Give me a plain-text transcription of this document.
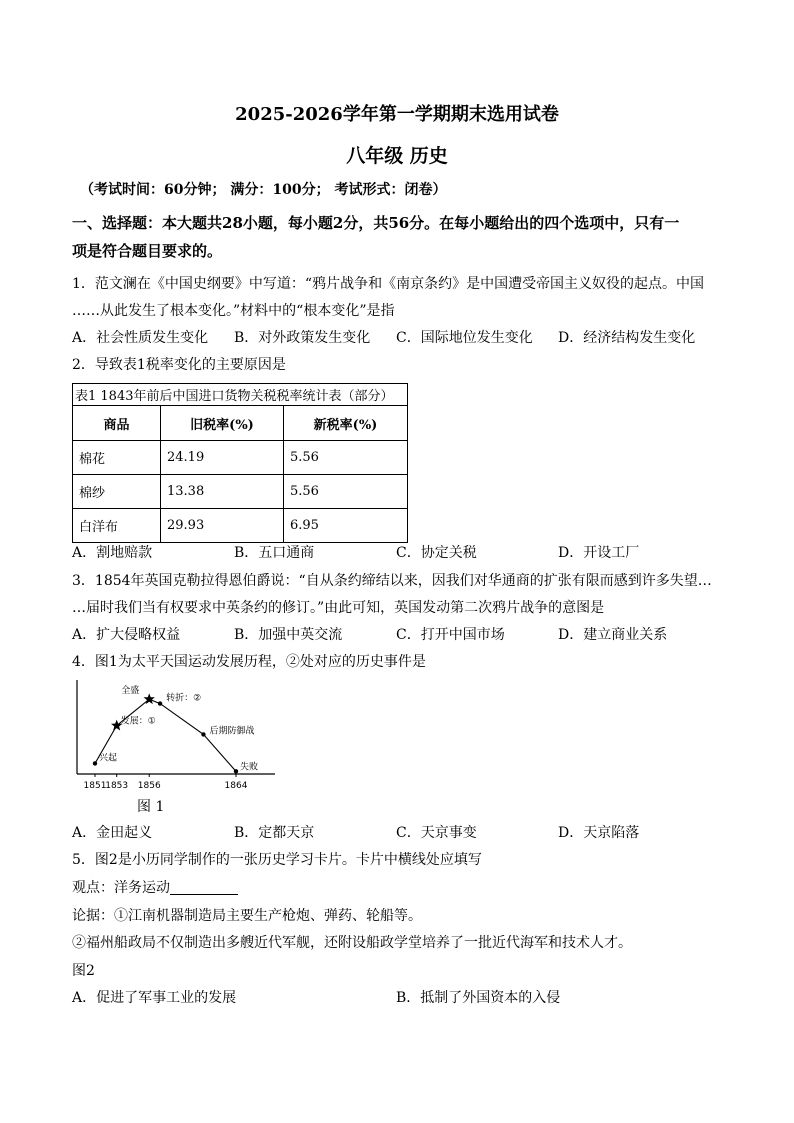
2025-2026学年第一学期期末选用试卷
八年级 历史
（考试时间：60分钟； 满分：100分； 考试形式：闭卷）
一、选择题：本大题共28小题，每小题2分，共56分。在每小题给出的四个选项中，只有一
项是符合题目要求的。
1．范文澜在《中国史纲要》中写道：“鸦片战争和《南京条约》是中国遭受帝国主义奴役的起点。中国
……从此发生了根本变化。”材料中的“根本变化”是指
A．社会性质发生变化 B．对外政策发生变化 C．国际地位发生变化 D．经济结构发生变化
2．导致表1税率变化的主要原因是
表1 1843年前后中国进口货物关税税率统计表（部分）
商品	旧税率(%)	新税率(%)
棉花	24.19	5.56
棉纱	13.38	5.56
白洋布	29.93	6.95
A．割地赔款	B．五口通商	C．协定关税	D．开设工厂
3．1854年英国克勒拉得恩伯爵说：“自从条约缔结以来，因我们对华通商的扩张有限而感到许多失望…
…届时我们当有权要求中英条约的修订。”由此可知，英国发动第二次鸦片战争的意图是
A．扩大侵略权益	B．加强中英交流	C．打开中国市场	D．建立商业关系
4．图1为太平天国运动发展历程，②处对应的历史事件是
兴起
发展：①
全盛
转折：②
后期防御战
失败
1851
1853 1856	1864
图 1
A．金田起义	B．定都天京	C．天京事变	D．天京陷落
5．图2是小历同学制作的一张历史学习卡片。卡片中横线处应填写
观点：洋务运动
论据：①江南机器制造局主要生产枪炮、弹药、轮船等。
②福州船政局不仅制造出多艘近代军舰，还附设船政学堂培养了一批近代海军和技术人才。
图2
A．促进了军事工业的发展	B．抵制了外国资本的入侵
